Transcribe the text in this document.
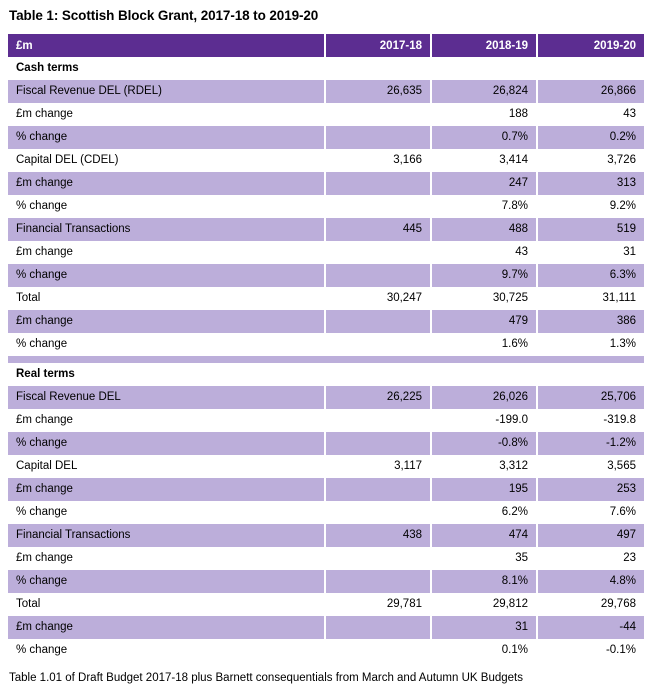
Table 1: Scottish Block Grant, 2017-18 to 2019-20
£m	2017-18	2018-19	2019-20
Cash terms			
Fiscal Revenue DEL (RDEL)	26,635	26,824	26,866
£m change		188	43
% change		0.7%	0.2%
Capital DEL (CDEL)	3,166	3,414	3,726
£m change		247	313
% change		7.8%	9.2%
Financial Transactions	445	488	519
£m change		43	31
% change		9.7%	6.3%
Total	30,247	30,725	31,111
£m change		479	386
% change		1.6%	1.3%

Real terms			
Fiscal Revenue DEL	26,225	26,026	25,706
£m change		-199.0	-319.8
% change		-0.8%	-1.2%
Capital DEL	3,117	3,312	3,565
£m change		195	253
% change		6.2%	7.6%
Financial Transactions	438	474	497
£m change		35	23
% change		8.1%	4.8%
Total	29,781	29,812	29,768
£m change		31	-44
% change		0.1%	-0.1%
Table 1.01 of Draft Budget 2017-18 plus Barnett consequentials from March and Autumn UK Budgets
